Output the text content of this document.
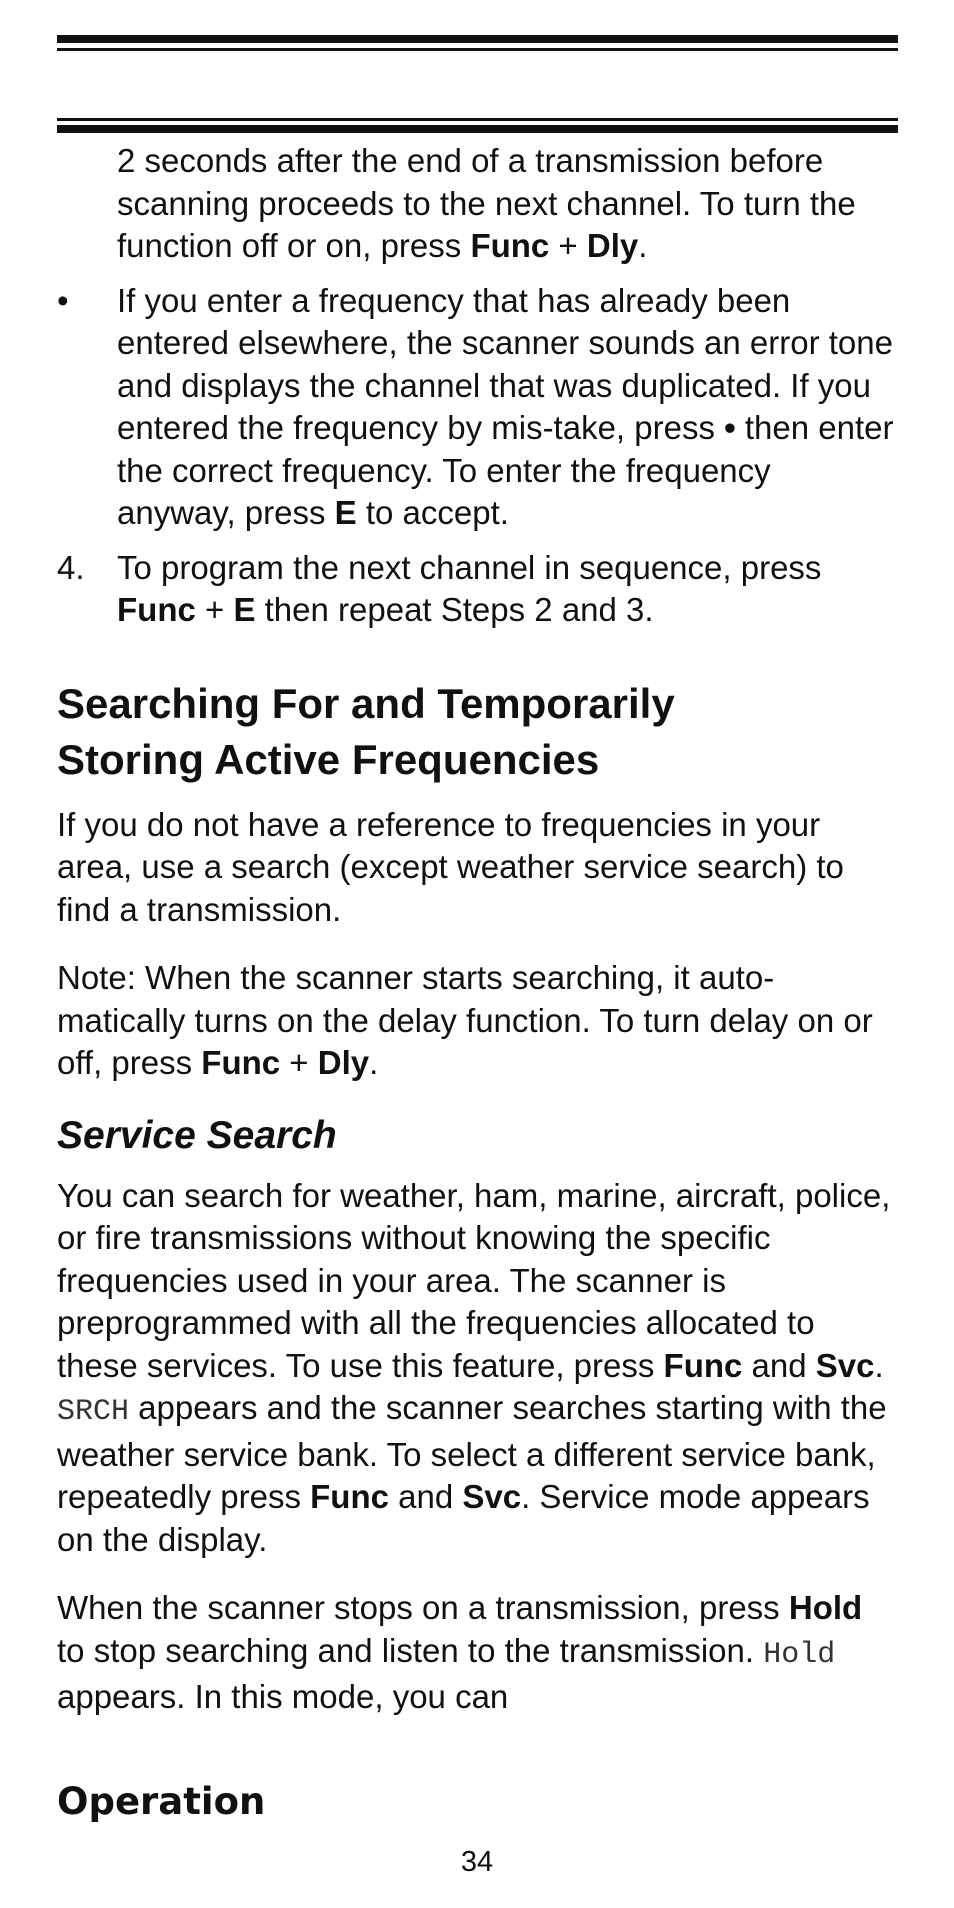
2 seconds after the end of a transmission before scanning proceeds to the next channel. To turn the function off or on, press Func + Dly.

•	If you enter a frequency that has already been entered elsewhere, the scanner sounds an error tone and displays the channel that was duplicated. If you entered the frequency by mis-take, press • then enter the correct frequency. To enter the frequency anyway, press E to accept.
4. To program the next channel in sequence, press Func + E then repeat Steps 2 and 3.
Searching For and Temporarily
Storing Active Frequencies

If you do not have a reference to frequencies in your area, use a search (except weather service search) to find a transmission.

Note: When the scanner starts searching, it auto-matically turns on the delay function. To turn delay on or off, press Func + Dly.

Service Search

You can search for weather, ham, marine, aircraft, police, or fire transmissions without knowing the specific frequencies used in your area. The scanner is preprogrammed with all the frequencies allocated to these services. To use this feature, press Func and Svc. SRCH appears and the scanner searches starting with the weather service bank. To select a different service bank, repeatedly press Func and Svc. Service mode appears on the display.

When the scanner stops on a transmission, press Hold to stop searching and listen to the transmission. Hold appears. In this mode, you can

Operation
34
